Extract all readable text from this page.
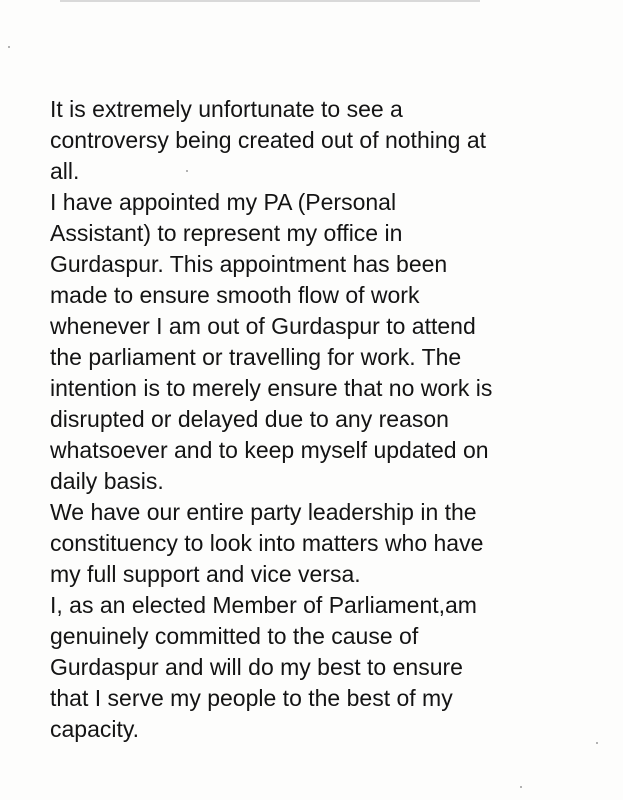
It is extremely unfortunate to see a
controversy being created out of nothing at
all.

I have appointed my PA (Personal
Assistant) to represent my office in
Gurdaspur. This appointment has been
made to ensure smooth flow of work
whenever I am out of Gurdaspur to attend
the parliament or travelling for work. The
intention is to merely ensure that no work is
disrupted or delayed due to any reason
whatsoever and to keep myself updated on
daily basis.

We have our entire party leadership in the
constituency to look into matters who have
my full support and vice versa.

I, as an elected Member of Parliament,am
genuinely committed to the cause of
Gurdaspur and will do my best to ensure
that I serve my people to the best of my
capacity.
